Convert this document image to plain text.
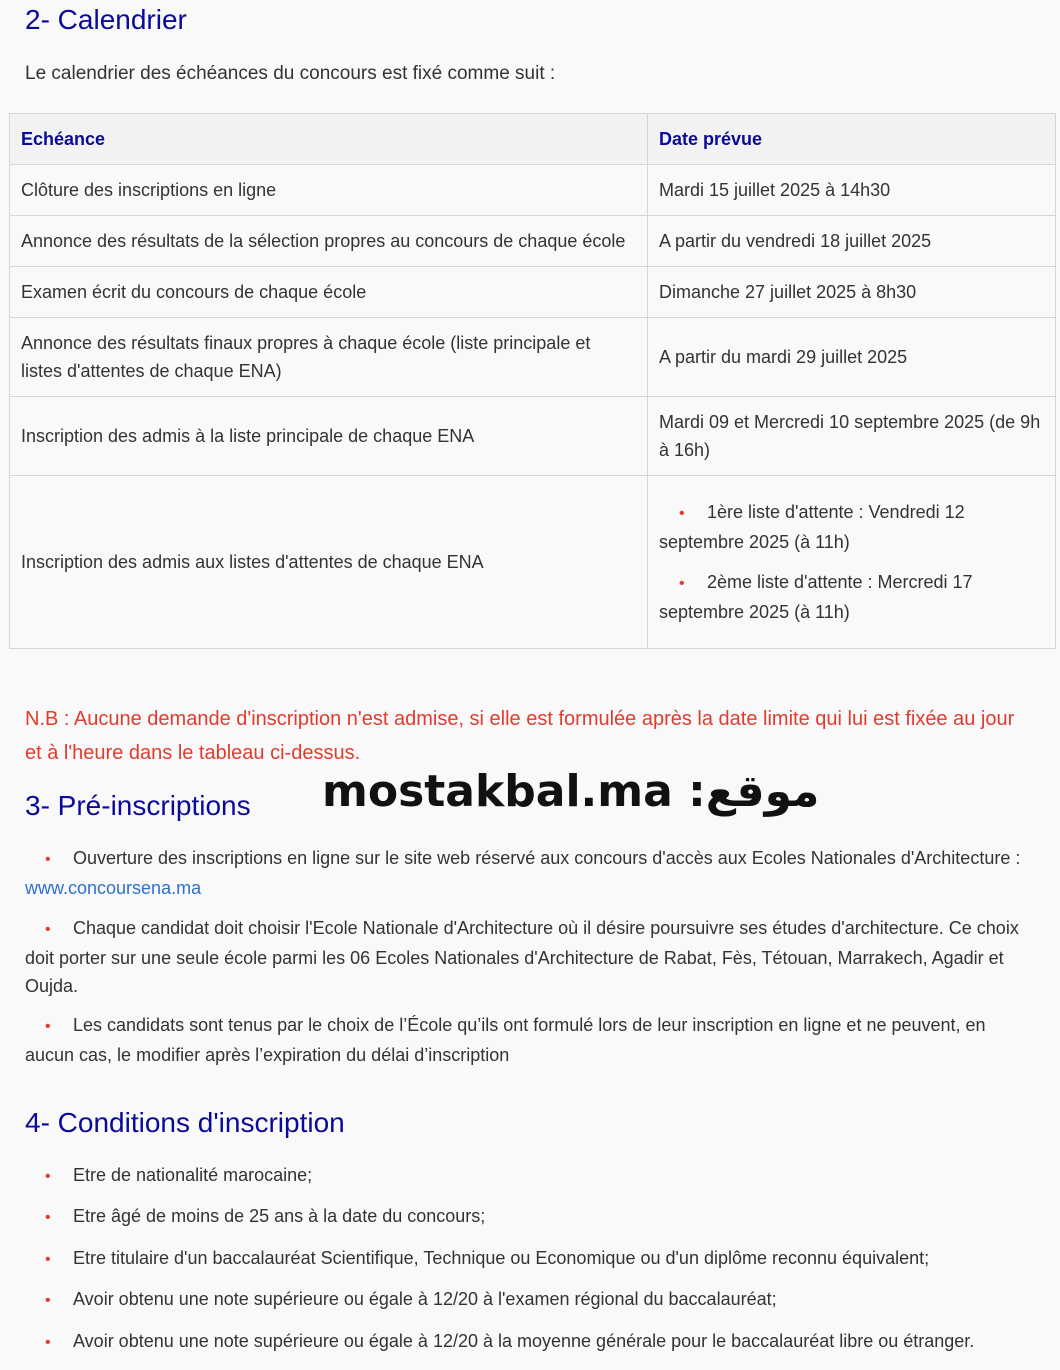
2- Calendrier

Le calendrier des échéances du concours est fixé comme suit :

Echéance	Date prévue
Clôture des inscriptions en ligne	Mardi 15 juillet 2025 à 14h30
Annonce des résultats de la sélection propres au concours de chaque école	A partir du vendredi 18 juillet 2025
Examen écrit du concours de chaque école	Dimanche 27 juillet 2025 à 8h30
Annonce des résultats finaux propres à chaque école (liste principale et listes d'attentes de chaque ENA)	A partir du mardi 29 juillet 2025
Inscription des admis à la liste principale de chaque ENA	Mardi 09 et Mercredi 10 septembre 2025 (de 9h à 16h)
Inscription des admis aux listes d'attentes de chaque ENA	• 1ère liste d'attente : Vendredi 12 septembre 2025 (à 11h)

• 2ème liste d'attente : Mercredi 17 septembre 2025 (à 11h)

N.B : Aucune demande d'inscription n'est admise, si elle est formulée après la date limite qui lui est fixée au jour et à l'heure dans le tableau ci-dessus.

mostakbal.ma :موقع
3- Pré-inscriptions

• Ouverture des inscriptions en ligne sur le site web réservé aux concours d'accès aux Ecoles Nationales d'Architecture : www.concoursena.ma

• Chaque candidat doit choisir l'Ecole Nationale d'Architecture où il désire poursuivre ses études d'architecture. Ce choix doit porter sur une seule école parmi les 06 Ecoles Nationales d'Architecture de Rabat, Fès, Tétouan, Marrakech, Agadir et Oujda.

• Les candidats sont tenus par le choix de l’École qu’ils ont formulé lors de leur inscription en ligne et ne peuvent, en aucun cas, le modifier après l’expiration du délai d’inscription

4- Conditions d'inscription
• Etre de nationalité marocaine;
• Etre âgé de moins de 25 ans à la date du concours;
• Etre titulaire d'un baccalauréat Scientifique, Technique ou Economique ou d'un diplôme reconnu équivalent;
• Avoir obtenu une note supérieure ou égale à 12/20 à l'examen régional du baccalauréat;
• Avoir obtenu une note supérieure ou égale à 12/20 à la moyenne générale pour le baccalauréat libre ou étranger.
